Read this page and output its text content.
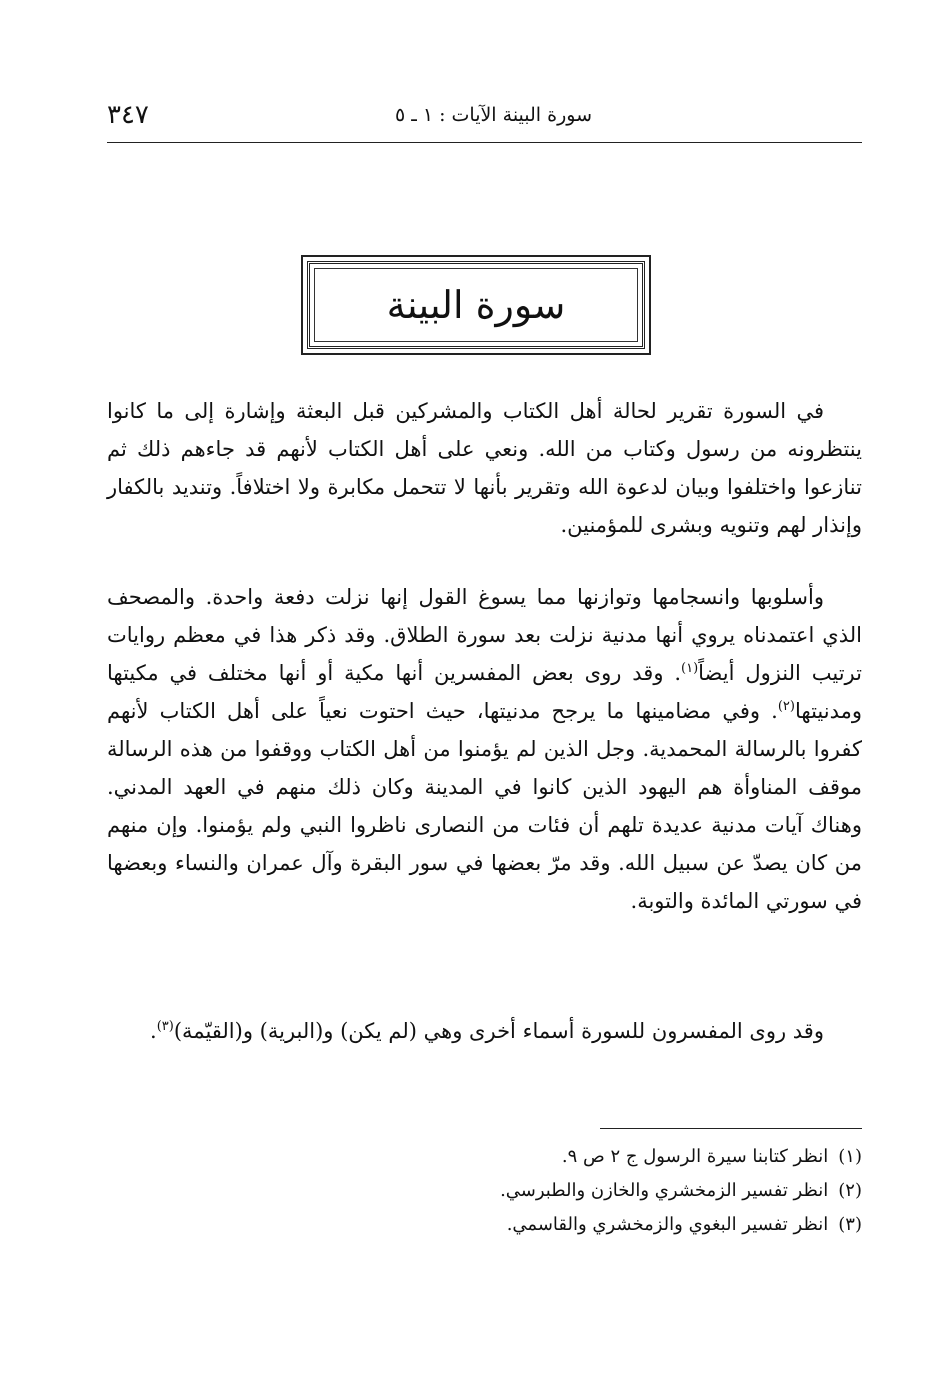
سورة البينة الآيات : ١ ـ ٥
٣٤٧
سورة البينة

في السورة تقرير لحالة أهل الكتاب والمشركين قبل البعثة وإشارة إلى ما كانوا ينتظرونه من رسول وكتاب من الله. ونعي على أهل الكتاب لأنهم قد جاءهم ذلك ثم تنازعوا واختلفوا وبيان لدعوة الله وتقرير بأنها لا تتحمل مكابرة ولا اختلافاً. وتنديد بالكفار وإنذار لهم وتنويه وبشرى للمؤمنين.

وأسلوبها وانسجامها وتوازنها مما يسوغ القول إنها نزلت دفعة واحدة. والمصحف الذي اعتمدناه يروي أنها مدنية نزلت بعد سورة الطلاق. وقد ذكر هذا في معظم روايات ترتيب النزول أيضاً$^{(١)}$. وقد روى بعض المفسرين أنها مكية أو أنها مختلف في مكيتها ومدنيتها$^{(٢)}$. وفي مضامينها ما يرجح مدنيتها، حيث احتوت نعياً على أهل الكتاب لأنهم كفروا بالرسالة المحمدية. وجل الذين لم يؤمنوا من أهل الكتاب ووقفوا من هذه الرسالة موقف المناوأة هم اليهود الذين كانوا في المدينة وكان ذلك منهم في العهد المدني. وهناك آيات مدنية عديدة تلهم أن فئات من النصارى ناظروا النبي ولم يؤمنوا. وإن منهم من كان يصدّ عن سبيل الله. وقد مرّ بعضها في سور البقرة وآل عمران والنساء وبعضها في سورتي المائدة والتوبة.

وقد روى المفسرون للسورة أسماء أخرى وهي (لم يكن) و(البرية) و(القيّمة)$^{(٣)}$.

(١)انظر كتابنا سيرة الرسول ج ٢ ص ٩.
(٢)انظر تفسير الزمخشري والخازن والطبرسي.
(٣)انظر تفسير البغوي والزمخشري والقاسمي.
